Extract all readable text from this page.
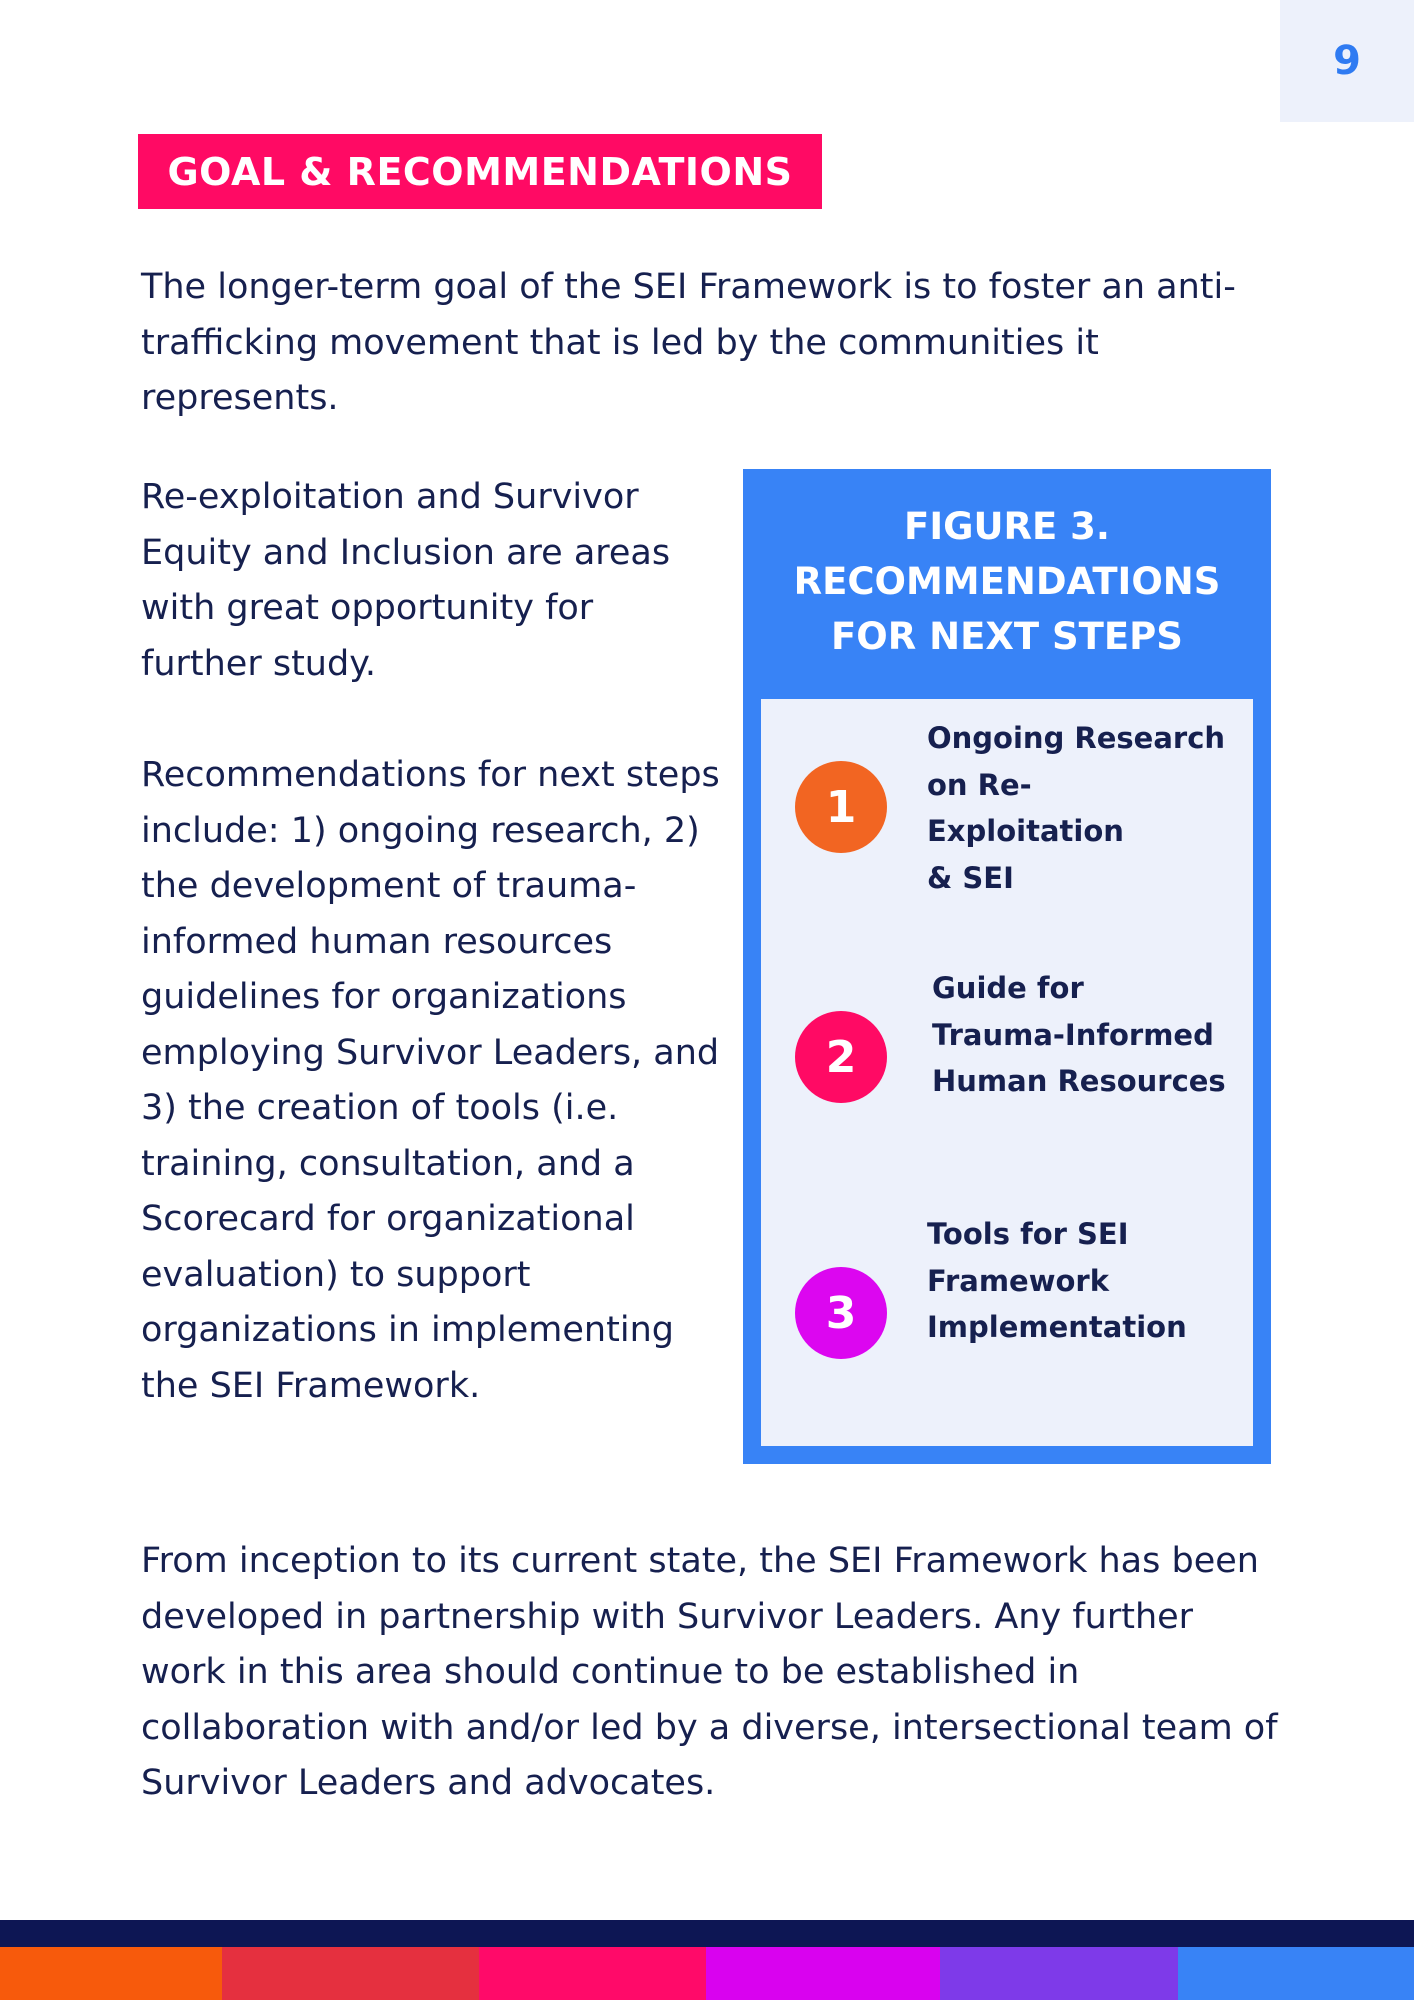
9
GOAL & RECOMMENDATIONS

The longer-term goal of the SEI Framework is to foster an anti-trafficking movement that is led by the communities it represents.

Re-exploitation and Survivor Equity and Inclusion are areas with great opportunity for further study.

Recommendations for next steps include: 1) ongoing research, 2) the development of trauma-informed human resources guidelines for organizations employing Survivor Leaders, and 3) the creation of tools (i.e. training, consultation, and a Scorecard for organizational evaluation) to support organizations in implementing the SEI Framework.

FIGURE 3.
RECOMMENDATIONS
FOR NEXT STEPS
1

Ongoing Research
on Re-Exploitation
& SEI

2

Guide for
Trauma-Informed
Human Resources

3

Tools for SEI
Framework
Implementation

From inception to its current state, the SEI Framework has been developed in partnership with Survivor Leaders. Any further work in this area should continue to be established in collaboration with and/or led by a diverse, intersectional team of Survivor Leaders and advocates.
